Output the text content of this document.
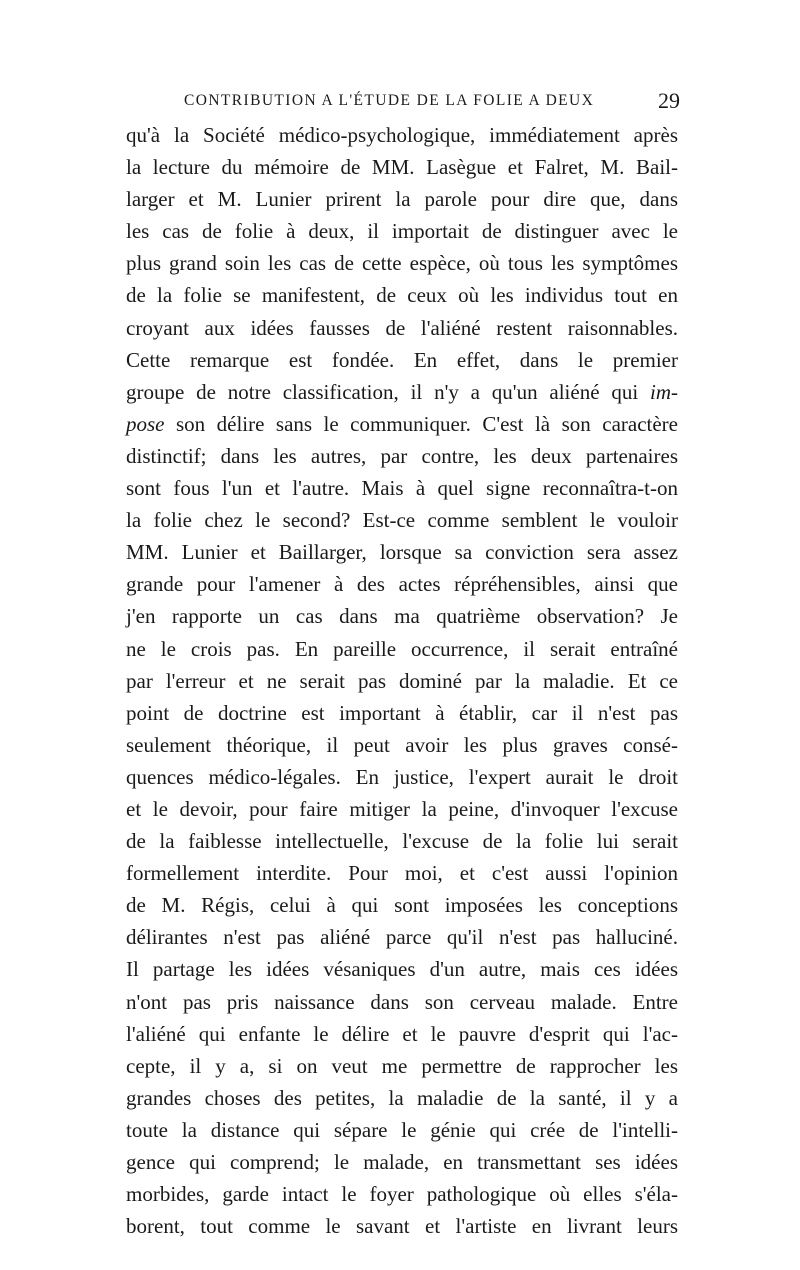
CONTRIBUTION A L'ÉTUDE DE LA FOLIE A DEUX	29
qu'à la Société médico-psychologique, immédiatement après
la lecture du mémoire de MM. Lasègue et Falret, M. Bail-
larger et M. Lunier prirent la parole pour dire que, dans
les cas de folie à deux, il importait de distinguer avec le
plus grand soin les cas de cette espèce, où tous les symptômes
de la folie se manifestent, de ceux où les individus tout en
croyant aux idées fausses de l'aliéné restent raisonnables.
Cette remarque est fondée. En effet, dans le premier
groupe de notre classification, il n'y a qu'un aliéné qui im-
pose son délire sans le communiquer. C'est là son caractère
distinctif; dans les autres, par contre, les deux partenaires
sont fous l'un et l'autre. Mais à quel signe reconnaîtra-t-on
la folie chez le second? Est-ce comme semblent le vouloir
MM. Lunier et Baillarger, lorsque sa conviction sera assez
grande pour l'amener à des actes répréhensibles, ainsi que
j'en rapporte un cas dans ma quatrième observation? Je
ne le crois pas. En pareille occurrence, il serait entraîné
par l'erreur et ne serait pas dominé par la maladie. Et ce
point de doctrine est important à établir, car il n'est pas
seulement théorique, il peut avoir les plus graves consé-
quences médico-légales. En justice, l'expert aurait le droit
et le devoir, pour faire mitiger la peine, d'invoquer l'excuse
de la faiblesse intellectuelle, l'excuse de la folie lui serait
formellement interdite. Pour moi, et c'est aussi l'opinion
de M. Régis, celui à qui sont imposées les conceptions
délirantes n'est pas aliéné parce qu'il n'est pas halluciné.
Il partage les idées vésaniques d'un autre, mais ces idées
n'ont pas pris naissance dans son cerveau malade. Entre
l'aliéné qui enfante le délire et le pauvre d'esprit qui l'ac-
cepte, il y a, si on veut me permettre de rapprocher les
grandes choses des petites, la maladie de la santé, il y a
toute la distance qui sépare le génie qui crée de l'intelli-
gence qui comprend; le malade, en transmettant ses idées
morbides, garde intact le foyer pathologique où elles s'éla-
borent, tout comme le savant et l'artiste en livrant leurs
